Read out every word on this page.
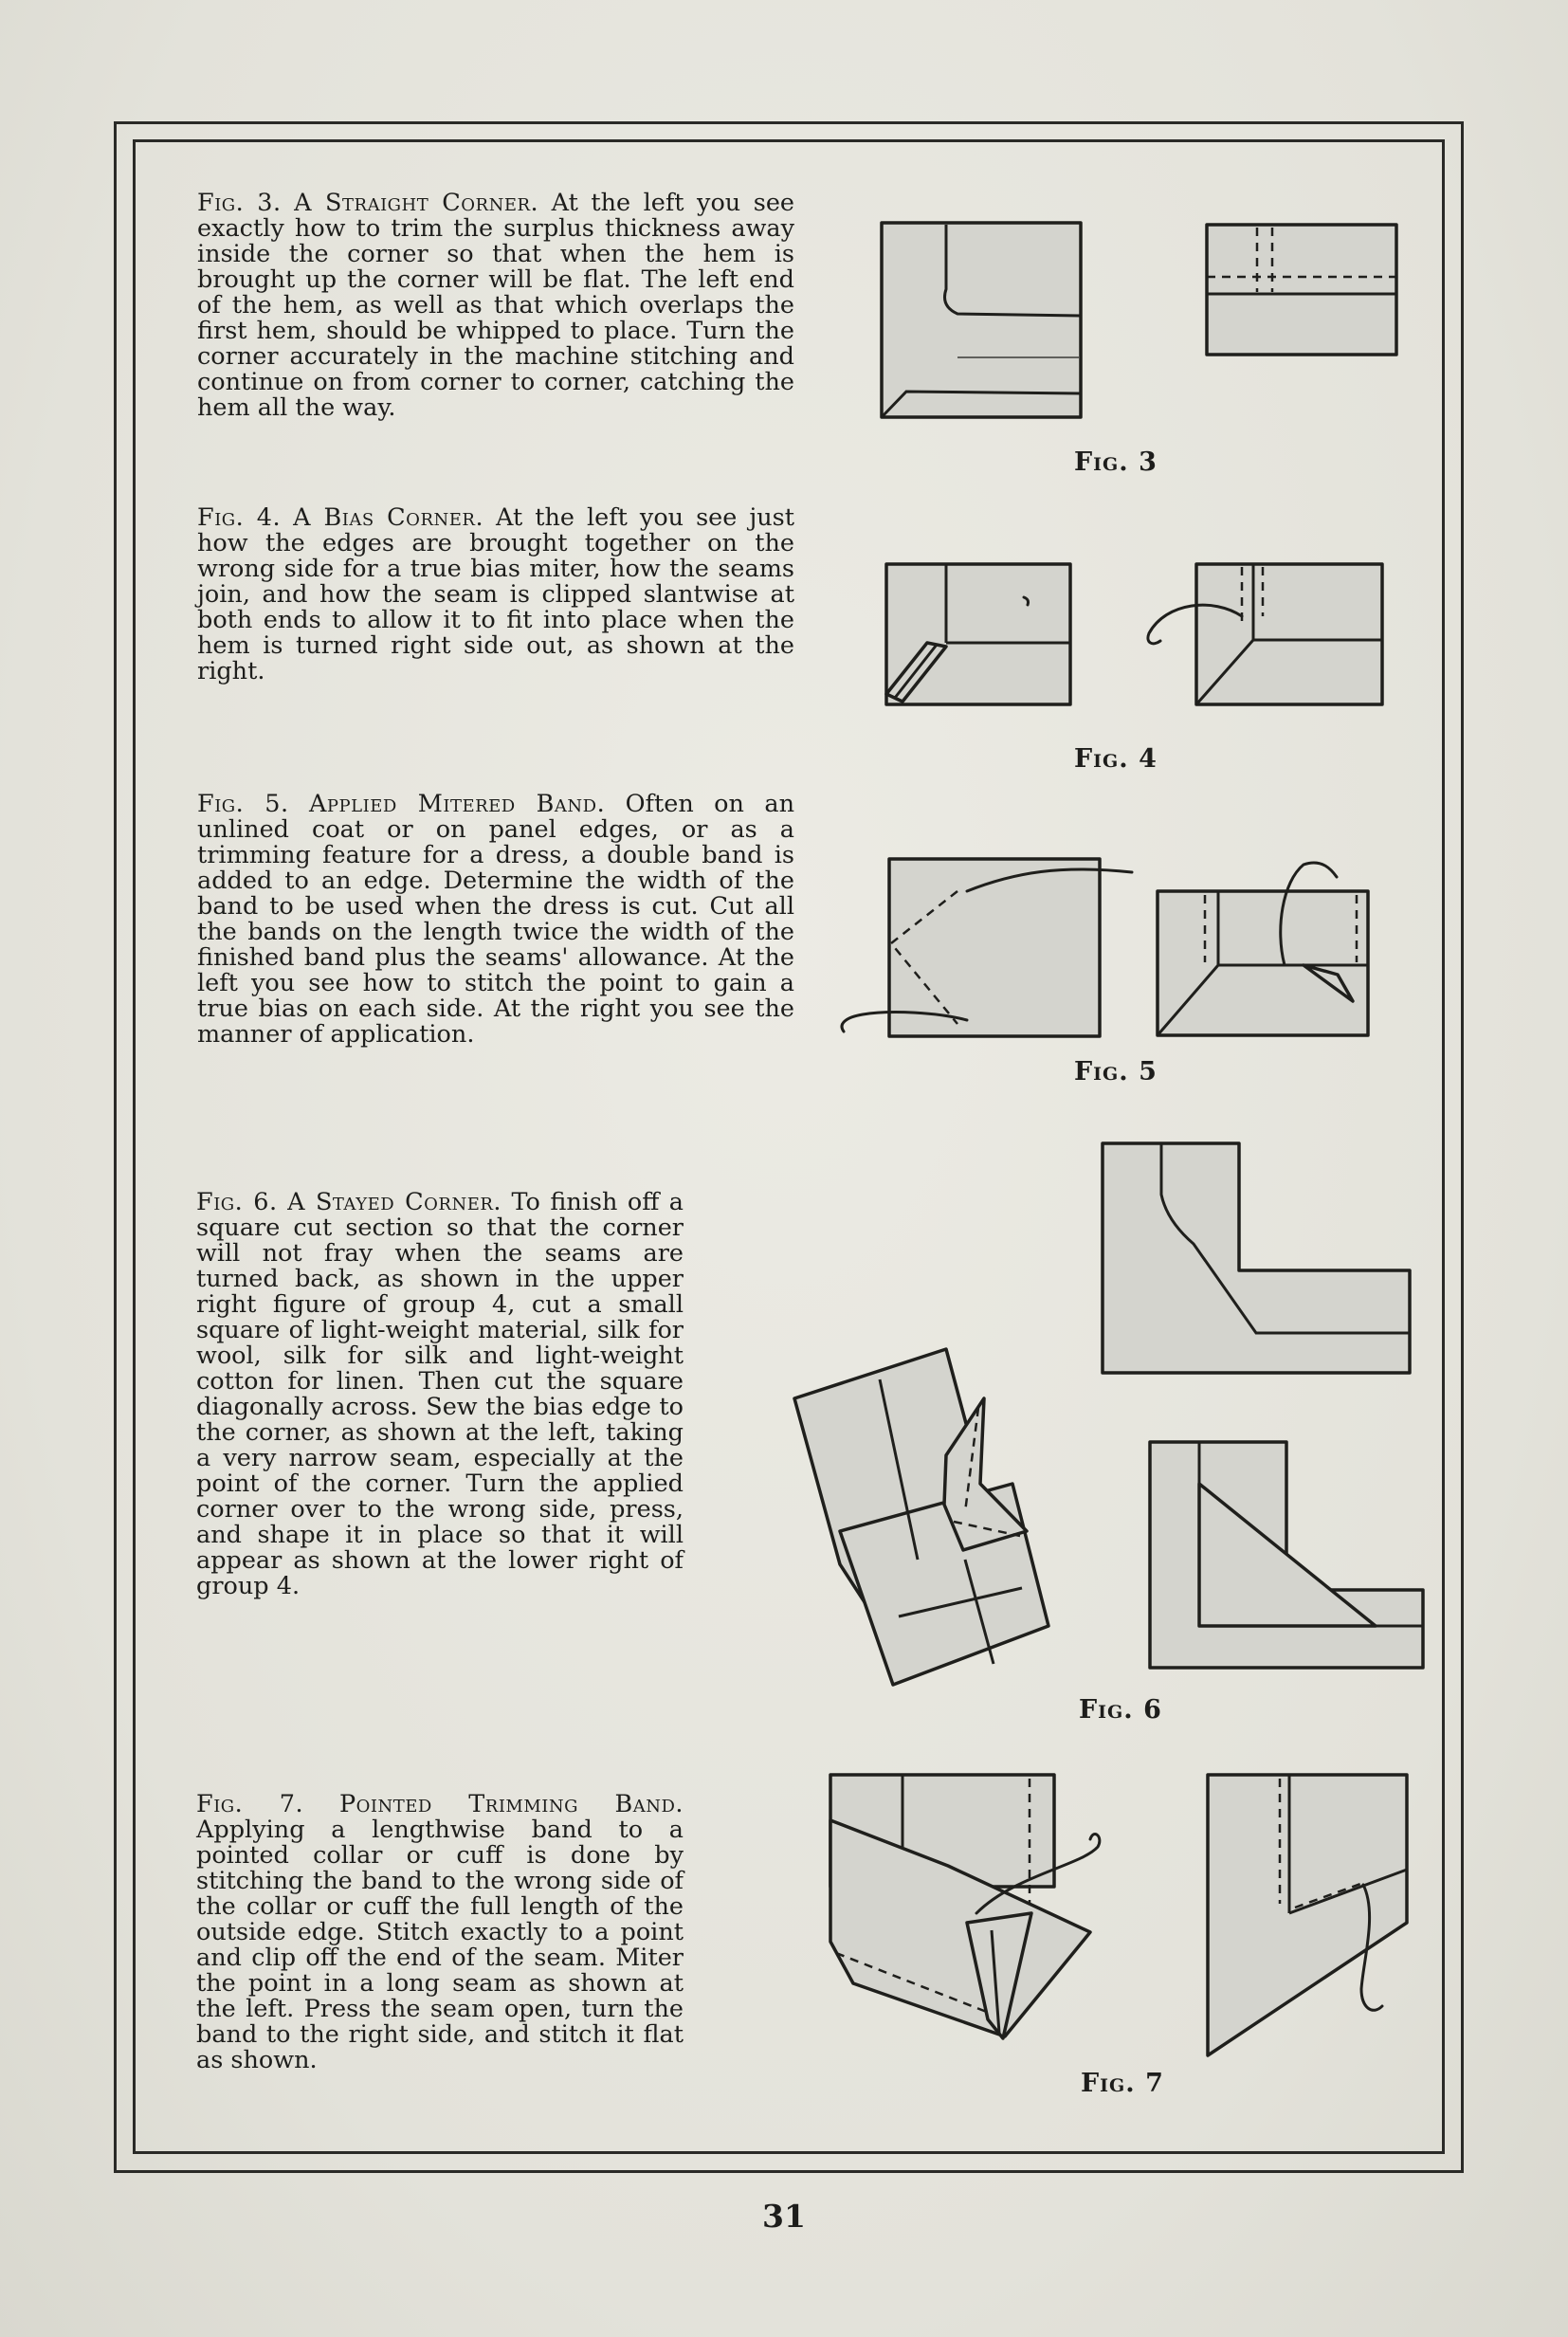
Fig. 3. A Straight Corner. At the left you see exactly how to trim the surplus thickness away inside the corner so that when the hem is brought up the corner will be flat. The left end of the hem, as well as that which overlaps the first hem, should be whipped to place. Turn the corner accurately in the machine stitching and continue on from corner to corner, catching the hem all the way.
Fig. 4. A Bias Corner. At the left you see just how the edges are brought together on the wrong side for a true bias miter, how the seams join, and how the seam is clipped slantwise at both ends to allow it to fit into place when the hem is turned right side out, as shown at the right.
Fig. 5. Applied Mitered Band. Often on an unlined coat or on panel edges, or as a trimming feature for a dress, a double band is added to an edge. Determine the width of the band to be used when the dress is cut. Cut all the bands on the length twice the width of the finished band plus the seams' allowance. At the left you see how to stitch the point to gain a true bias on each side. At the right you see the manner of application.
Fig. 6. A Stayed Corner. To finish off a square cut section so that the corner will not fray when the seams are turned back, as shown in the upper right figure of group 4, cut a small square of light-weight material, silk for wool, silk for silk and light-weight cotton for linen. Then cut the square diagonally across. Sew the bias edge to the corner, as shown at the left, taking a very narrow seam, especially at the point of the corner. Turn the applied corner over to the wrong side, press, and shape it in place so that it will appear as shown at the lower right of group 4.
Fig. 7. Pointed Trimming Band. Applying a lengthwise band to a pointed collar or cuff is done by stitching the band to the wrong side of the collar or cuff the full length of the outside edge. Stitch exactly to a point and clip off the end of the seam. Miter the point in a long seam as shown at the left. Press the seam open, turn the band to the right side, and stitch it flat as shown.
Fig. 3
Fig. 4
Fig. 5
Fig. 6
Fig. 7
31
